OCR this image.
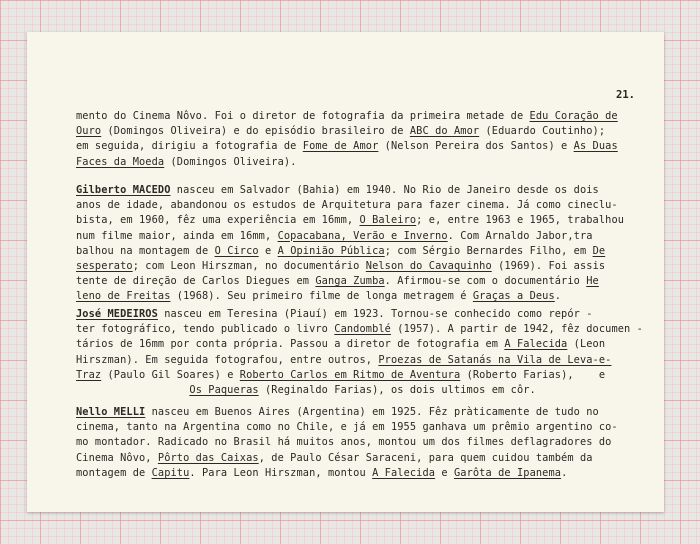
21.
mento do Cinema Nôvo. Foi o diretor de fotografia da primeira metade de Edu Coração de
Ouro (Domingos Oliveira) e do episódio brasileiro de ABC do Amor (Eduardo Coutinho);
em seguida, dirigiu a fotografia de Fome de Amor (Nelson Pereira dos Santos) e As Duas
Faces da Moeda (Domingos Oliveira).
Gilberto MACEDO nasceu em Salvador (Bahia) em 1940. No Rio de Janeiro desde os dois
anos de idade, abandonou os estudos de Arquitetura para fazer cinema. Já como cineclu-
bista, em 1960, fêz uma experiência em 16mm, O Baleiro; e, entre 1963 e 1965, trabalhou
num filme maior, ainda em 16mm, Copacabana, Verão e Inverno. Com Arnaldo Jabor,tra
balhou na montagem de O Circo e A Opinião Pública; com Sérgio Bernardes Filho, em De
sesperato; com Leon Hirszman, no documentário Nelson do Cavaquinho (1969). Foi assis
tente de direção de Carlos Diegues em Ganga Zumba. Afirmou-se com o documentário He
leno de Freitas (1968). Seu primeiro filme de longa metragem é Graças a Deus.
José MEDEIROS nasceu em Teresina (Piauí) em 1923. Tornou-se conhecido como repór -
ter fotográfico, tendo publicado o livro Candomblé (1957). A partir de 1942, fêz documen -
tários de 16mm por conta própria. Passou a diretor de fotografia em A Falecida (Leon
Hirszman). Em seguida fotografou, entre outros, Proezas de Satanás na Vila de Leva-e-
Traz (Paulo Gil Soares) e Roberto Carlos em Ritmo de Aventura (Roberto Farias),    e
Os Paqueras (Reginaldo Farias), os dois ultimos em côr.
Nello MELLI nasceu em Buenos Aires (Argentina) em 1925. Fêz pràticamente de tudo no
cinema, tanto na Argentina como no Chile, e já em 1955 ganhava um prêmio argentino co-
mo montador. Radicado no Brasil há muitos anos, montou um dos filmes deflagradores do
Cinema Nôvo, Pôrto das Caixas, de Paulo César Saraceni, para quem cuidou também da
montagem de Capitu. Para Leon Hirszman, montou A Falecida e Garôta de Ipanema.
